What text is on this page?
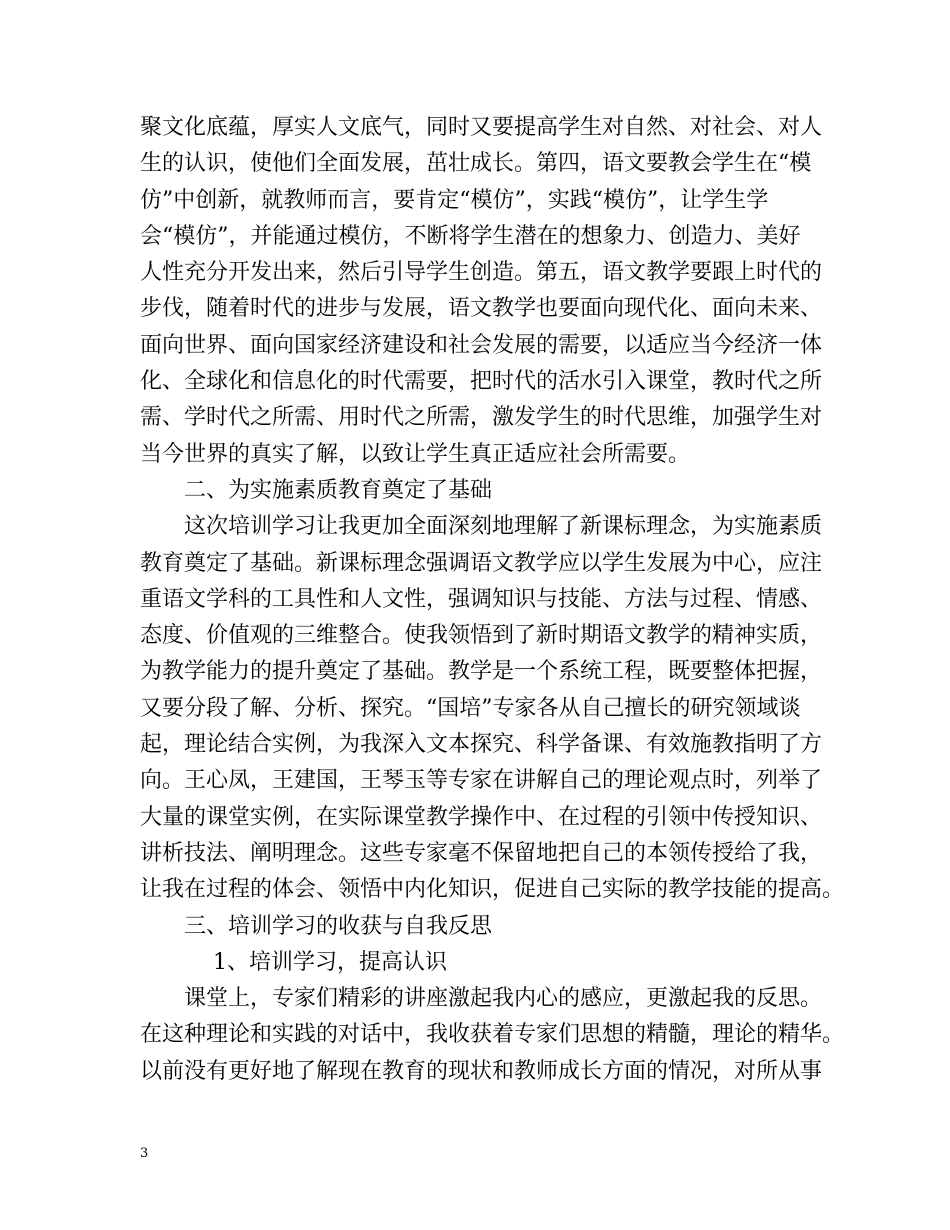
聚文化底蕴，厚实人文底气，同时又要提高学生对自然、对社会、对人
生的认识，使他们全面发展，茁壮成长。第四，语文要教会学生在“模
仿”中创新，就教师而言，要肯定“模仿”，实践“模仿”，让学生学
会“模仿”，并能通过模仿，不断将学生潜在的想象力、创造力、美好
人性充分开发出来，然后引导学生创造。第五，语文教学要跟上时代的
步伐，随着时代的进步与发展，语文教学也要面向现代化、面向未来、
面向世界、面向国家经济建设和社会发展的需要，以适应当今经济一体
化、全球化和信息化的时代需要，把时代的活水引入课堂，教时代之所
需、学时代之所需、用时代之所需，激发学生的时代思维，加强学生对
当今世界的真实了解，以致让学生真正适应社会所需要。
二、为实施素质教育奠定了基础
这次培训学习让我更加全面深刻地理解了新课标理念，为实施素质
教育奠定了基础。新课标理念强调语文教学应以学生发展为中心，应注
重语文学科的工具性和人文性，强调知识与技能、方法与过程、情感、
态度、价值观的三维整合。使我领悟到了新时期语文教学的精神实质，
为教学能力的提升奠定了基础。教学是一个系统工程，既要整体把握，
又要分段了解、分析、探究。“国培”专家各从自己擅长的研究领域谈
起，理论结合实例，为我深入文本探究、科学备课、有效施教指明了方
向。王心凤，王建国，王琴玉等专家在讲解自己的理论观点时，列举了
大量的课堂实例，在实际课堂教学操作中、在过程的引领中传授知识、
讲析技法、阐明理念。这些专家毫不保留地把自己的本领传授给了我，
让我在过程的体会、领悟中内化知识，促进自己实际的教学技能的提高。
三、培训学习的收获与自我反思
1、培训学习，提高认识
课堂上，专家们精彩的讲座激起我内心的感应，更激起我的反思。
在这种理论和实践的对话中，我收获着专家们思想的精髓，理论的精华。
以前没有更好地了解现在教育的现状和教师成长方面的情况，对所从事
3
